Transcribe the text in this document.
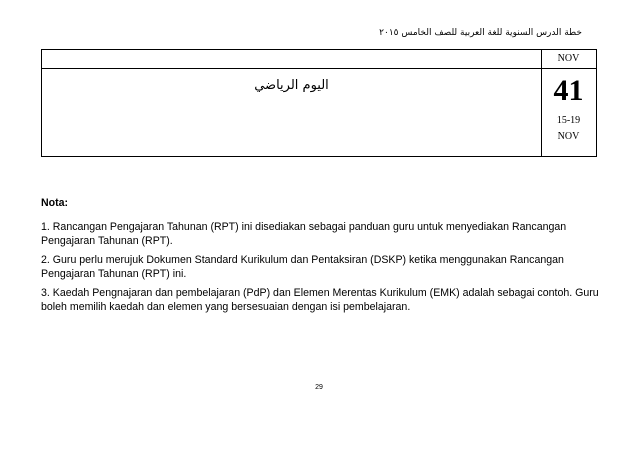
خطة الدرس السنوية للغة العربية للصف الخامس ٢٠١٥
NOV
اليوم الرياضي	41
15-19
NOV
Nota:
1. Rancangan Pengajaran Tahunan (RPT) ini disediakan sebagai panduan guru untuk menyediakan Rancangan Pengajaran Tahunan (RPT).
2. Guru perlu merujuk Dokumen Standard Kurikulum dan Pentaksiran (DSKP) ketika menggunakan Rancangan Pengajaran Tahunan (RPT) ini.
3. Kaedah Pengnajaran dan pembelajaran (PdP) dan Elemen Merentas Kurikulum (EMK) adalah sebagai contoh. Guru boleh memilih kaedah dan elemen yang bersesuaian dengan isi pembelajaran.
29
